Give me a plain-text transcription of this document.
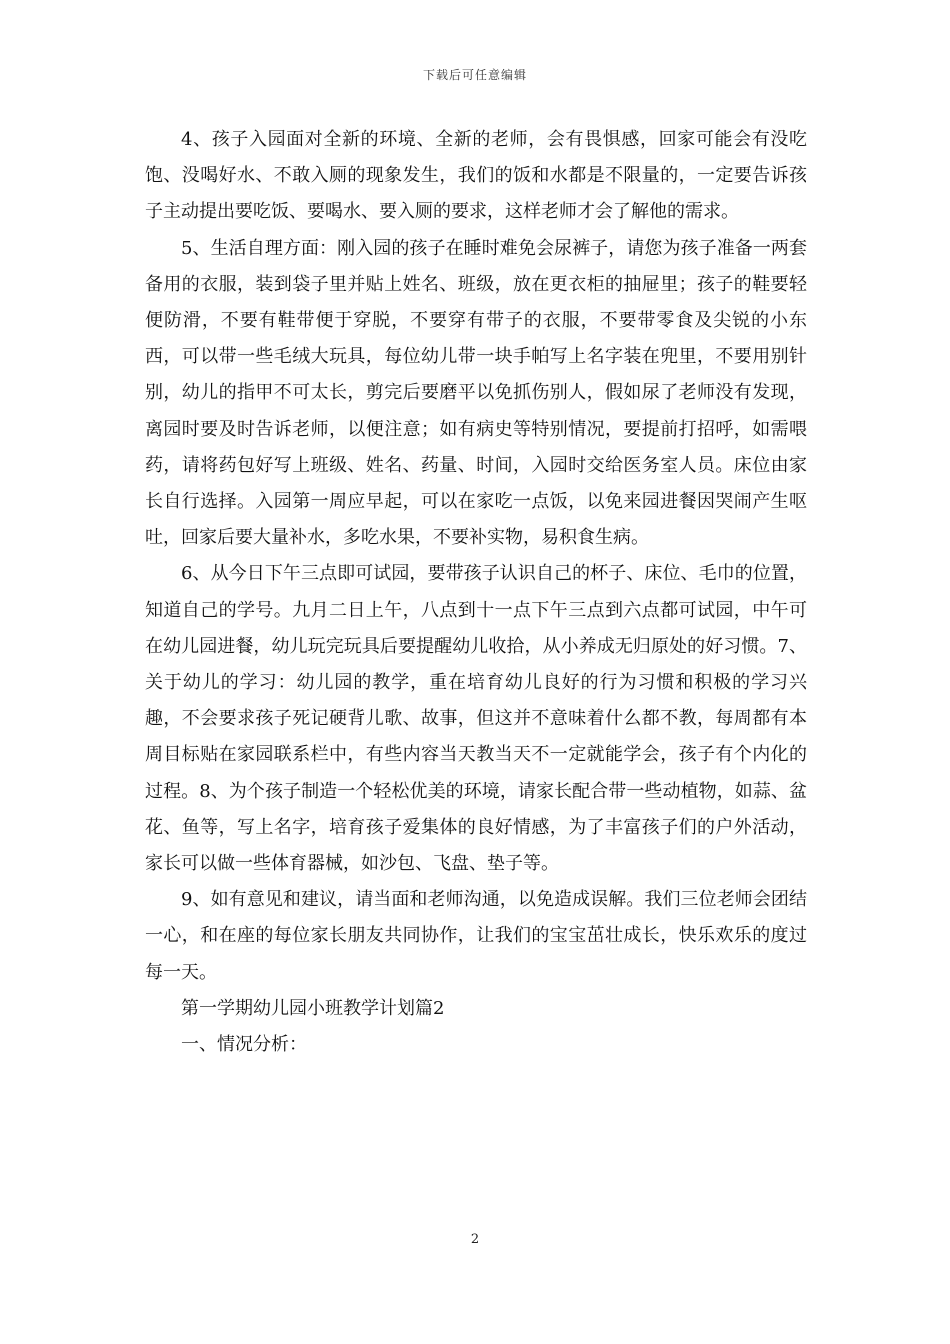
下载后可任意编辑

4、孩子入园面对全新的环境、全新的老师，会有畏惧感，回家可能会有没吃饱、没喝好水、不敢入厕的现象发生，我们的饭和水都是不限量的，一定要告诉孩子主动提出要吃饭、要喝水、要入厕的要求，这样老师才会了解他的需求。

5、生活自理方面：刚入园的孩子在睡时难免会尿裤子，请您为孩子准备一两套备用的衣服，装到袋子里并贴上姓名、班级，放在更衣柜的抽屉里；孩子的鞋要轻便防滑，不要有鞋带便于穿脱，不要穿有带子的衣服，不要带零食及尖锐的小东西，可以带一些毛绒大玩具，每位幼儿带一块手帕写上名字装在兜里，不要用别针别，幼儿的指甲不可太长，剪完后要磨平以免抓伤别人，假如尿了老师没有发现，离园时要及时告诉老师，以便注意；如有病史等特别情况，要提前打招呼，如需喂药，请将药包好写上班级、姓名、药量、时间，入园时交给医务室人员。床位由家长自行选择。入园第一周应早起，可以在家吃一点饭，以免来园进餐因哭闹产生呕吐，回家后要大量补水，多吃水果，不要补实物，易积食生病。

6、从今日下午三点即可试园，要带孩子认识自己的杯子、床位、毛巾的位置，知道自己的学号。九月二日上午，八点到十一点下午三点到六点都可试园，中午可在幼儿园进餐，幼儿玩完玩具后要提醒幼儿收拾，从小养成无归原处的好习惯。7、关于幼儿的学习：幼儿园的教学，重在培育幼儿良好的行为习惯和积极的学习兴趣，不会要求孩子死记硬背儿歌、故事，但这并不意味着什么都不教，每周都有本周目标贴在家园联系栏中，有些内容当天教当天不一定就能学会，孩子有个内化的过程。8、为个孩子制造一个轻松优美的环境，请家长配合带一些动植物，如蒜、盆花、鱼等，写上名字，培育孩子爱集体的良好情感，为了丰富孩子们的户外活动，家长可以做一些体育器械，如沙包、飞盘、垫子等。

9、如有意见和建议，请当面和老师沟通，以免造成误解。我们三位老师会团结一心，和在座的每位家长朋友共同协作，让我们的宝宝茁壮成长，快乐欢乐的度过每一天。

第一学期幼儿园小班教学计划篇2

一、情况分析：

2
